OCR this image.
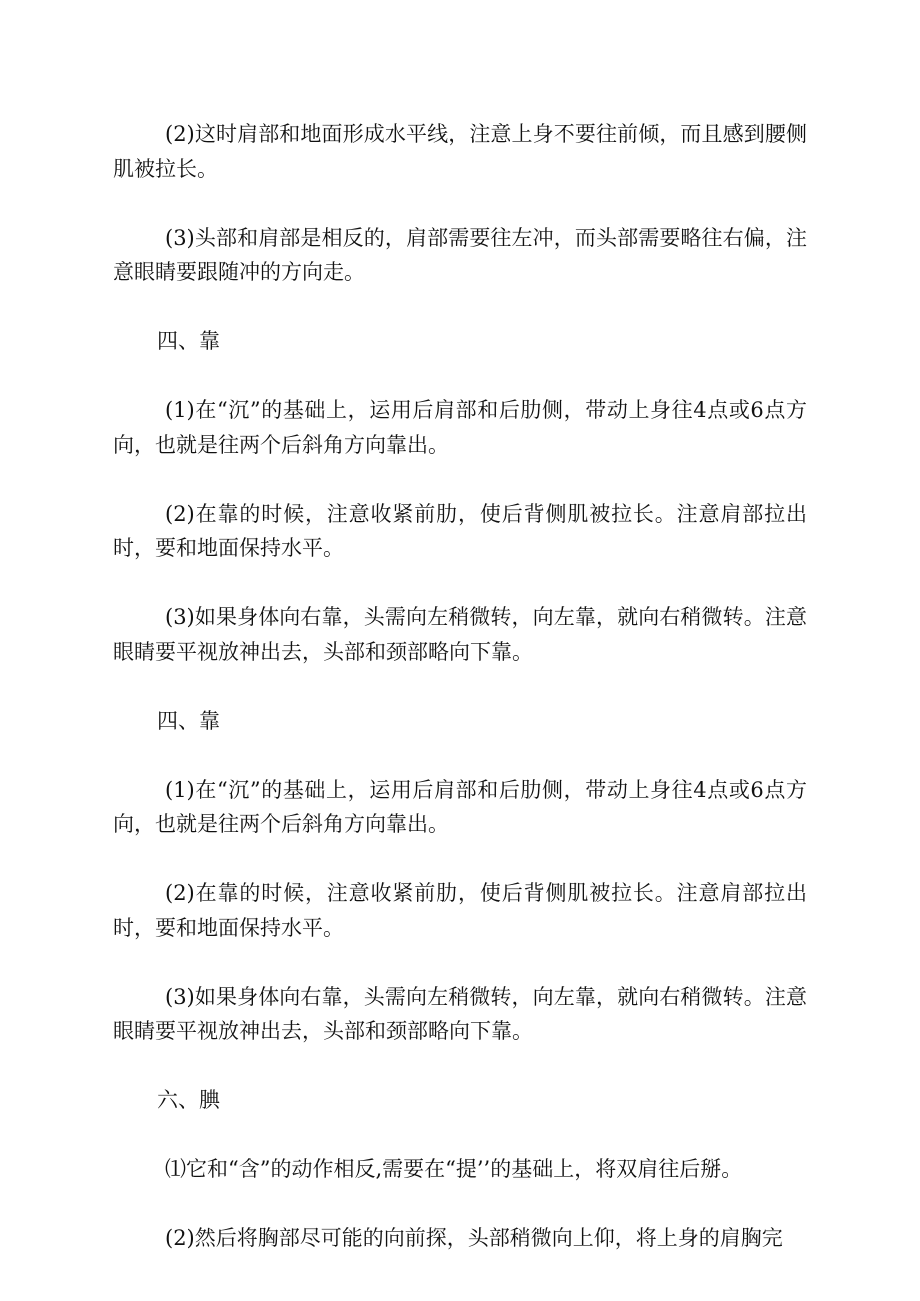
(2)这时肩部和地面形成水平线，注意上身不要往前倾，而且感到腰侧肌被拉长。

(3)头部和肩部是相反的，肩部需要往左冲，而头部需要略往右偏，注意眼睛要跟随冲的方向走。

四、靠

(1)在“沉”的基础上，运用后肩部和后肋侧，带动上身往4点或6点方向，也就是往两个后斜角方向靠出。

(2)在靠的时候，注意收紧前肋，使后背侧肌被拉长。注意肩部拉出时，要和地面保持水平。

(3)如果身体向右靠，头需向左稍微转，向左靠，就向右稍微转。注意眼睛要平视放神出去，头部和颈部略向下靠。

四、靠

(1)在“沉”的基础上，运用后肩部和后肋侧，带动上身往4点或6点方向，也就是往两个后斜角方向靠出。

(2)在靠的时候，注意收紧前肋，使后背侧肌被拉长。注意肩部拉出时，要和地面保持水平。

(3)如果身体向右靠，头需向左稍微转，向左靠，就向右稍微转。注意眼睛要平视放神出去，头部和颈部略向下靠。

六、腆

⑴它和“含”的动作相反,需要在“提’’的基础上，将双肩往后掰。

(2)然后将胸部尽可能的向前探，头部稍微向上仰，将上身的肩胸完
